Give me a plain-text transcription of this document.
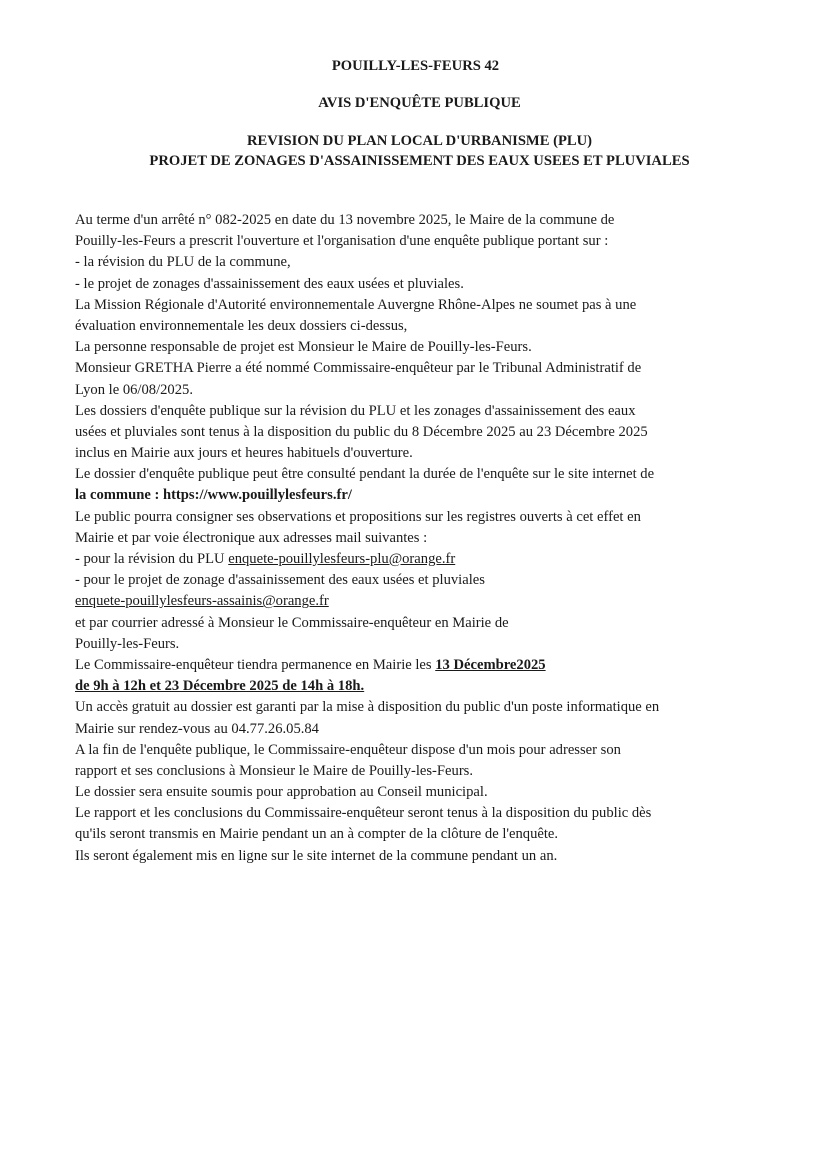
POUILLY-LES-FEURS 42
AVIS D'ENQUÊTE PUBLIQUE
REVISION DU PLAN LOCAL D'URBANISME (PLU)
PROJET DE ZONAGES D'ASSAINISSEMENT DES EAUX USEES ET PLUVIALES
Au terme d'un arrêté n° 082-2025 en date du 13 novembre 2025, le Maire de la commune de
Pouilly-les-Feurs a prescrit l'ouverture et l'organisation d'une enquête publique portant sur :
- la révision du PLU de la commune,
- le projet de zonages d'assainissement des eaux usées et pluviales.
La Mission Régionale d'Autorité environnementale Auvergne Rhône-Alpes ne soumet pas à une
évaluation environnementale les deux dossiers ci-dessus,
La personne responsable de projet est Monsieur le Maire de Pouilly-les-Feurs.
Monsieur GRETHA Pierre a été nommé Commissaire-enquêteur par le Tribunal Administratif de
Lyon le 06/08/2025.
Les dossiers d'enquête publique sur la révision du PLU et les zonages d'assainissement des eaux
usées et pluviales sont tenus à la disposition du public du 8 Décembre 2025 au 23 Décembre 2025
inclus en Mairie aux jours et heures habituels d'ouverture.
Le dossier d'enquête publique peut être consulté pendant la durée de l'enquête sur le site internet de
la commune : https://www.pouillylesfeurs.fr/
Le public pourra consigner ses observations et propositions sur les registres ouverts à cet effet en
Mairie et par voie électronique aux adresses mail suivantes :
- pour la révision du PLU enquete-pouillylesfeurs-plu@orange.fr
- pour le projet de zonage d'assainissement des eaux usées et pluviales
enquete-pouillylesfeurs-assainis@orange.fr
et par courrier adressé à Monsieur le Commissaire-enquêteur en Mairie de
Pouilly-les-Feurs.
Le Commissaire-enquêteur tiendra permanence en Mairie les 13 Décembre2025
de 9h à 12h et 23 Décembre 2025 de 14h à 18h.
Un accès gratuit au dossier est garanti par la mise à disposition du public d'un poste informatique en
Mairie sur rendez-vous au 04.77.26.05.84
A la fin de l'enquête publique, le Commissaire-enquêteur dispose d'un mois pour adresser son
rapport et ses conclusions à Monsieur le Maire de Pouilly-les-Feurs.
Le dossier sera ensuite soumis pour approbation au Conseil municipal.
Le rapport et les conclusions du Commissaire-enquêteur seront tenus à la disposition du public dès
qu'ils seront transmis en Mairie pendant un an à compter de la clôture de l'enquête.
Ils seront également mis en ligne sur le site internet de la commune pendant un an.
